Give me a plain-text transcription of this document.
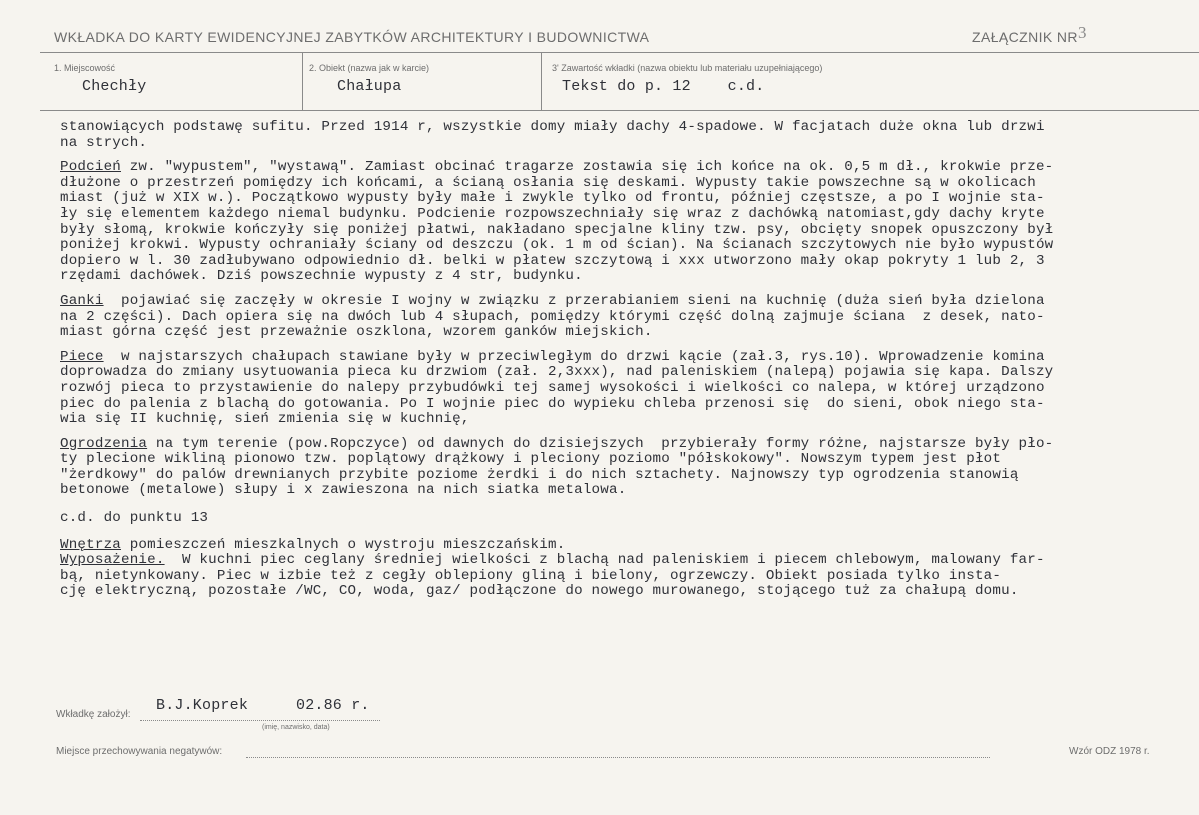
WKŁADKA DO KARTY EWIDENCYJNEJ ZABYTKÓW ARCHITEKTURY I BUDOWNICTWA	ZAŁĄCZNIK NR 3
1. Miejscowość
Chechły
2. Obiekt (nazwa jak w karcie)
Chałupa
3' Zawartość wkładki (nazwa obiektu lub materiału uzupełniającego)
Tekst do p. 12    c.d.
stanowiących podstawę sufitu. Przed 1914 r, wszystkie domy miały dachy 4-spadowe. W facjatach duże okna lub drzwi
na strych.
Podcień zw. "wypustem", "wystawą". Zamiast obcinać tragarze zostawia się ich końce na ok. 0,5 m dł., krokwie prze-
dłużone o przestrzeń pomiędzy ich końcami, a ścianą osłania się deskami. Wypusty takie powszechne są w okolicach
miast (już w XIX w.). Początkowo wypusty były małe i zwykle tylko od frontu, później częstsze, a po I wojnie sta-
ły się elementem każdego niemal budynku. Podcienie rozpowszechniały się wraz z dachówką natomiast,gdy dachy kryte
były słomą, krokwie kończyły się poniżej płatwi, nakładano specjalne kliny tzw. psy, obcięty snopek opuszczony był
poniżej krokwi. Wypusty ochraniały ściany od deszczu (ok. 1 m od ścian). Na ścianach szczytowych nie było wypustów
dopiero w l. 30 zadłubywano odpowiednio dł. belki w płatew szczytową i xxx utworzono mały okap pokryty 1 lub 2, 3
rzędami dachówek. Dziś powszechnie wypusty z 4 str, budynku.
Ganki  pojawiać się zaczęły w okresie I wojny w związku z przerabianiem sieni na kuchnię (duża sień była dzielona
na 2 części). Dach opiera się na dwóch lub 4 słupach, pomiędzy którymi część dolną zajmuje ściana  z desek, nato-
miast górna część jest przeważnie oszklona, wzorem ganków miejskich.
Piece  w najstarszych chałupach stawiane były w przeciwległym do drzwi kącie (zał.3, rys.10). Wprowadzenie komina
doprowadza do zmiany usytuowania pieca ku drzwiom (zał. 2,3xxx), nad paleniskiem (nalepą) pojawia się kapa. Dalszy
rozwój pieca to przystawienie do nalepy przybudówki tej samej wysokości i wielkości co nalepa, w której urządzono
piec do palenia z blachą do gotowania. Po I wojnie piec do wypieku chleba przenosi się  do sieni, obok niego sta-
wia się II kuchnię, sień zmienia się w kuchnię,
Ogrodzenia na tym terenie (pow.Ropczyce) od dawnych do dzisiejszych  przybierały formy różne, najstarsze były pło-
ty plecione wikliną pionowo tzw. poplątowy drążkowy i pleciony poziomo "półskokowy". Nowszym typem jest płot
"żerdkowy" do palów drewnianych przybite poziome żerdki i do nich sztachety. Najnowszy typ ogrodzenia stanowią
betonowe (metalowe) słupy i x zawieszona na nich siatka metalowa.
c.d. do punktu 13
Wnętrza pomieszczeń mieszkalnych o wystroju mieszczańskim.
Wyposażenie.  W kuchni piec ceglany średniej wielkości z blachą nad paleniskiem i piecem chlebowym, malowany far-
bą, nietynkowany. Piec w izbie też z cegły oblepiony gliną i bielony, ogrzewczy. Obiekt posiada tylko insta-
cję elektryczną, pozostałe /WC, CO, woda, gaz/ podłączone do nowego murowanego, stojącego tuż za chałupą domu.
Wkładkę założył:
B.J.Koprek	02.86 r.
(imię, nazwisko, data)
Miejsce przechowywania negatywów:	Wzór ODZ 1978 r.
